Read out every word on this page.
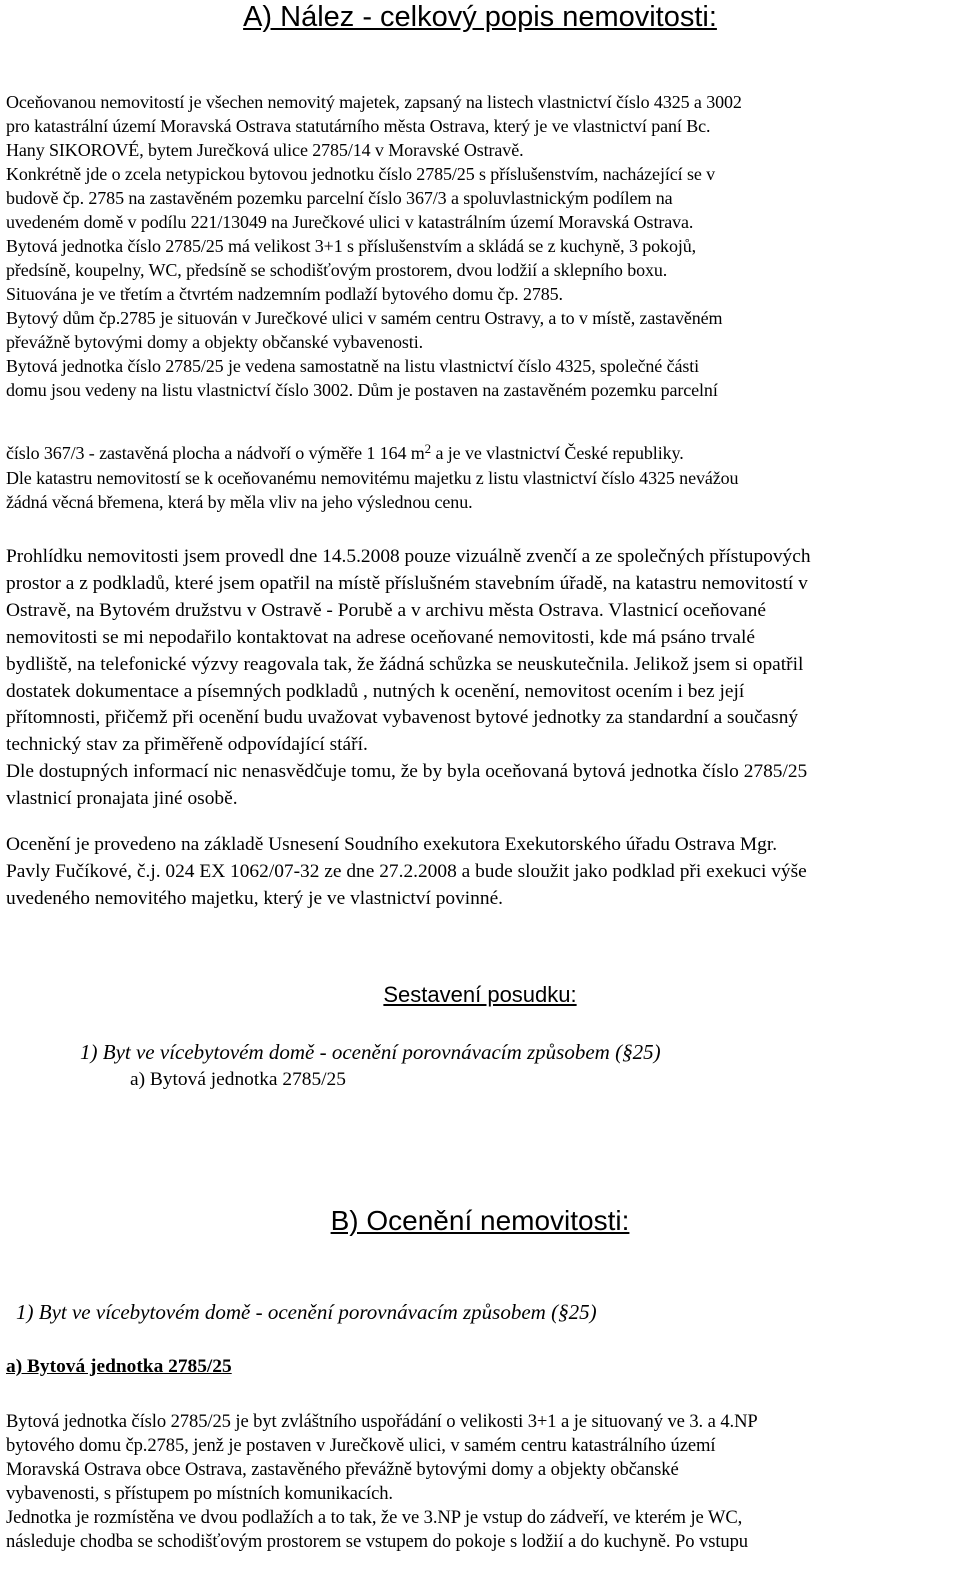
A) Nález - celkový popis nemovitosti:
Oceňovanou nemovitostí je všechen nemovitý majetek, zapsaný na listech vlastnictví číslo 4325 a 3002
pro katastrální území Moravská Ostrava statutárního města Ostrava, který je ve vlastnictví paní Bc.
Hany SIKOROVÉ, bytem Jurečková ulice 2785/14 v Moravské Ostravě.
Konkrétně jde o zcela netypickou bytovou jednotku číslo 2785/25 s příslušenstvím, nacházející se v
budově čp. 2785 na zastavěném pozemku parcelní číslo 367/3 a spoluvlastnickým podílem na
uvedeném domě v podílu 221/13049 na Jurečkové ulici v katastrálním území Moravská Ostrava.
Bytová jednotka číslo 2785/25 má velikost 3+1 s příslušenstvím a skládá se z kuchyně, 3 pokojů,
předsíně, koupelny, WC, předsíně se schodišťovým prostorem, dvou lodžií a sklepního boxu.
Situována je ve třetím a čtvrtém nadzemním podlaží bytového domu čp. 2785.
Bytový dům čp.2785 je situován v Jurečkové ulici v samém centru Ostravy, a to v místě, zastavěném
převážně bytovými domy a objekty občanské vybavenosti.
Bytová jednotka číslo 2785/25 je vedena samostatně na listu vlastnictví číslo 4325, společné části
domu jsou vedeny na listu vlastnictví číslo 3002. Dům je postaven na zastavěném pozemku parcelní
číslo 367/3 - zastavěná plocha a nádvoří o výměře 1 164 $m^2$ a je ve vlastnictví České republiky.
Dle katastru nemovitostí se k oceňovanému nemovitému majetku z listu vlastnictví číslo 4325 nevážou
žádná věcná břemena, která by měla vliv na jeho výslednou cenu.
Prohlídku nemovitosti jsem provedl dne 14.5.2008 pouze vizuálně zvenčí a ze společných přístupových
prostor a z podkladů, které jsem opatřil na místě příslušném stavebním úřadě, na katastru nemovitostí v
Ostravě, na Bytovém družstvu v Ostravě - Porubě a v archivu města Ostrava. Vlastnicí oceňované
nemovitosti se mi nepodařilo kontaktovat na adrese oceňované nemovitosti, kde má psáno trvalé
bydliště, na telefonické výzvy reagovala tak, že žádná schůzka se neuskutečnila. Jelikož jsem si opatřil
dostatek dokumentace a písemných podkladů , nutných k ocenění, nemovitost ocením i bez její
přítomnosti, přičemž při ocenění budu uvažovat vybavenost bytové jednotky za standardní a současný
technický stav za přiměřeně odpovídající stáří.
Dle dostupných informací nic nenasvědčuje tomu, že by byla oceňovaná bytová jednotka číslo 2785/25
vlastnicí pronajata jiné osobě.
Ocenění je provedeno na základě Usnesení Soudního exekutora Exekutorského úřadu Ostrava Mgr.
Pavly Fučíkové, č.j. 024 EX 1062/07-32 ze dne 27.2.2008 a bude sloužit jako podklad při exekuci výše
uvedeného nemovitého majetku, který je ve vlastnictví povinné.
Sestavení posudku:
1) Byt ve vícebytovém domě - ocenění porovnávacím způsobem (§25)
a) Bytová jednotka 2785/25
B) Ocenění nemovitosti:
1) Byt ve vícebytovém domě - ocenění porovnávacím způsobem (§25)
a) Bytová jednotka 2785/25
Bytová jednotka číslo 2785/25 je byt zvláštního uspořádání o velikosti 3+1 a je situovaný ve 3. a 4.NP
bytového domu čp.2785, jenž je postaven v Jurečkově ulici, v samém centru katastrálního území
Moravská Ostrava obce Ostrava, zastavěného převážně bytovými domy a objekty občanské
vybavenosti, s přístupem po místních komunikacích.
Jednotka je rozmístěna ve dvou podlažích a to tak, že ve 3.NP je vstup do zádveří, ve kterém je WC,
následuje chodba se schodišťovým prostorem se vstupem do pokoje s lodžií a do kuchyně. Po vstupu
